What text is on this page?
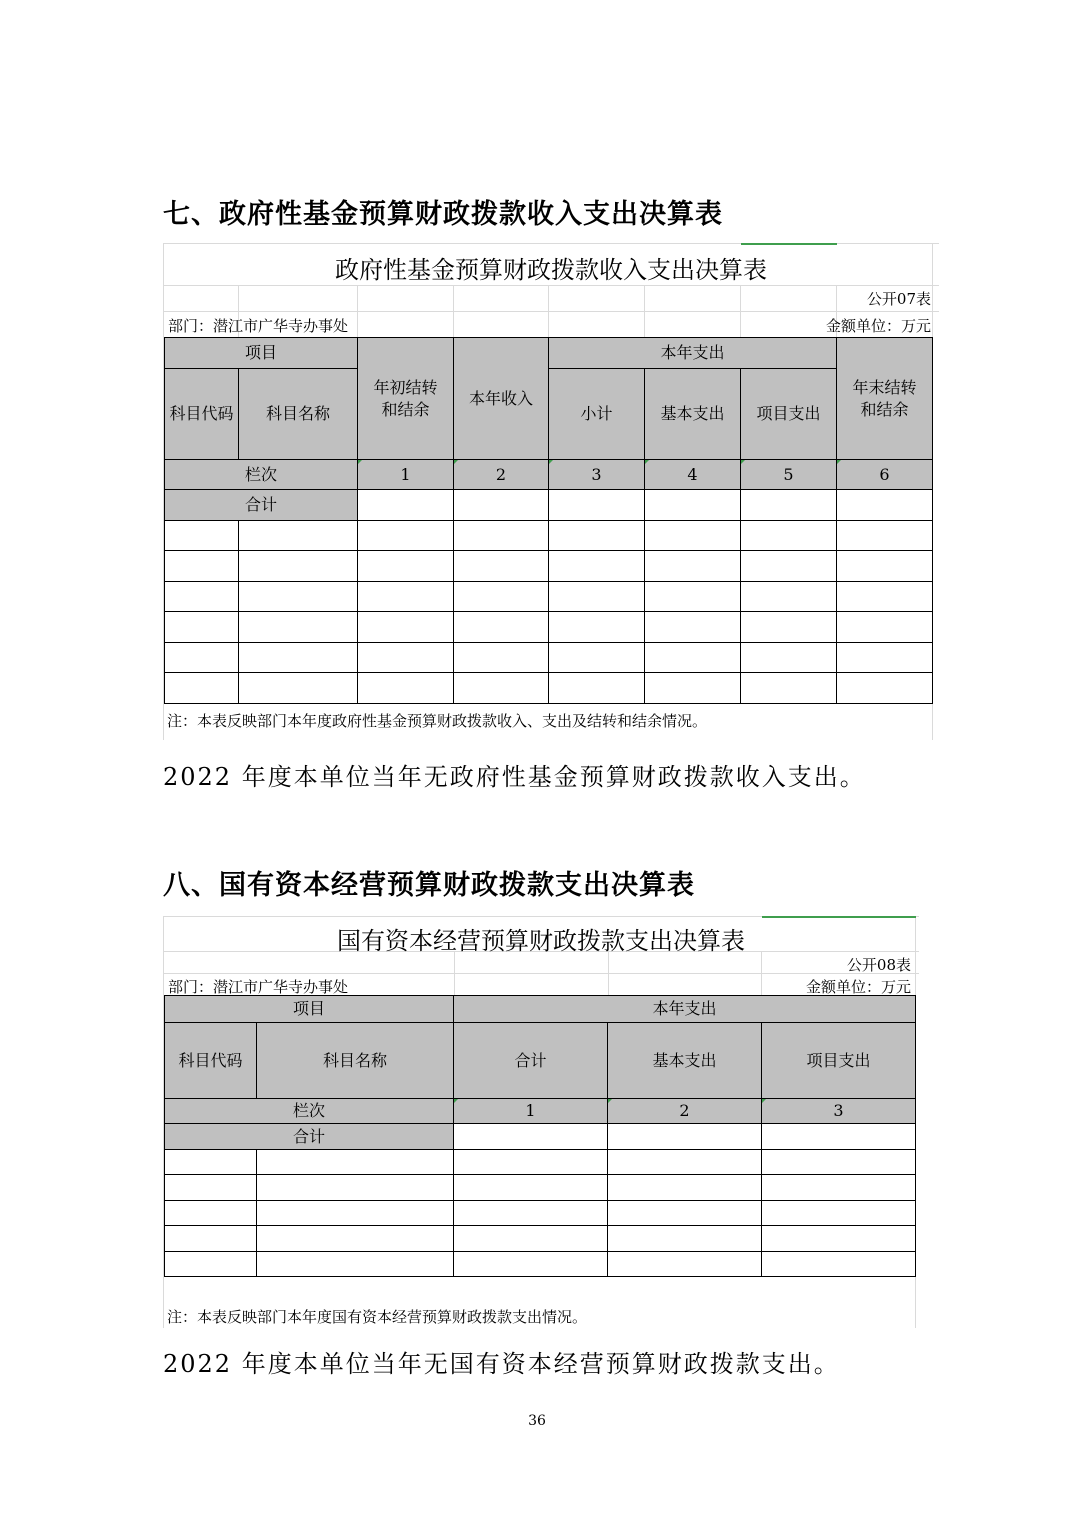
七、政府性基金预算财政拨款收入支出决算表
政府性基金预算财政拨款收入支出决算表
公开07表
部门：潜江市广华寺办事处	金额单位：万元
项目		年初结转和结余	本年收入	本年支出			年末结转和结余
科目代码	科目名称			小计	基本支出	项目支出	
栏次		1	2	3	4	5	6
合计							

注：本表反映部门本年度政府性基金预算财政拨款收入、支出及结转和结余情况。

2022 年度本单位当年无政府性基金预算财政拨款收入支出。

八、国有资本经营预算财政拨款支出决算表
国有资本经营预算财政拨款支出决算表
公开08表
部门：潜江市广华寺办事处	金额单位：万元
项目		本年支出		
科目代码	科目名称	合计	基本支出	项目支出
栏次		1	2	3
合计				

注：本表反映部门本年度国有资本经营预算财政拨款支出情况。

2022 年度本单位当年无国有资本经营预算财政拨款支出。

36
